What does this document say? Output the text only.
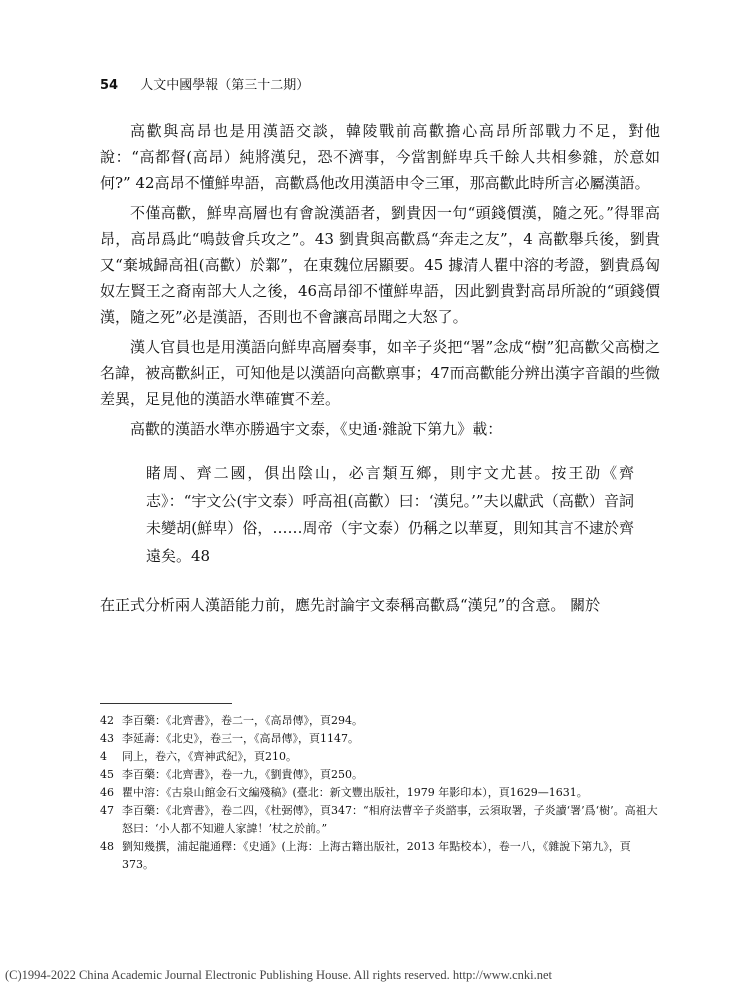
54 人文中國學報（第三十二期）

高歡與高昂也是用漢語交談，韓陵戰前高歡擔心高昂所部戰力不足，對他說：“高都督(高昂）純將漢兒，恐不濟事，今當割鮮卑兵千餘人共相參雜，於意如何?” 42高昂不懂鮮卑語，高歡爲他改用漢語申令三軍，那高歡此時所言必屬漢語。

不僅高歡，鮮卑高層也有會說漢語者，劉貴因一句“頭錢價漢，隨之死。”得罪高昂，高昂爲此“鳴鼓會兵攻之”。43 劉貴與高歡爲“奔走之友”，4 高歡舉兵後，劉貴又“棄城歸高祖(高歡）於鄴”，在東魏位居顯要。45 據清人瞿中溶的考證，劉貴爲匈奴左賢王之裔南部大人之後，46高昂卻不懂鮮卑語，因此劉貴對高昂所說的“頭錢價漢，隨之死”必是漢語，否則也不會讓高昂聞之大怒了。

漢人官員也是用漢語向鮮卑高層奏事，如辛子炎把“署”念成“樹”犯高歡父高樹之名諱，被高歡糾正，可知他是以漢語向高歡禀事；47而高歡能分辨出漢字音韻的些微差異，足見他的漢語水準確實不差。

高歡的漢語水準亦勝過宇文泰，《史通·雜說下第九》載：

睹周、齊二國，俱出陰山，必言類互鄉，則宇文尤甚。按王劭《齊志》：“宇文公(宇文泰）呼高祖(高歡）曰：‘漢兒。’”夫以獻武（高歡）音詞未變胡(鮮卑）俗，……周帝（宇文泰）仍稱之以華夏，則知其言不逮於齊遠矣。48

在正式分析兩人漢語能力前，應先討論宇文泰稱高歡爲“漢兒”的含意。 關於

42 李百藥：《北齊書》，卷二一，《高昂傳》，頁294。
43 李延壽：《北史》，卷三一，《高昂傳》，頁1147。
4	同上，卷六，《齊神武紀》，頁210。
45 李百藥：《北齊書》，卷一九，《劉貴傳》，頁250。
46 瞿中溶：《古泉山館金石文編殘稿》(臺北：新文豐出版社，1979 年影印本），頁1629—1631。
47 李百藥：《北齊書》，卷二四，《杜弼傳》，頁347：“相府法曹辛子炎諮事，云須取署，子炎讀‘署’爲‘樹’。高祖大怒曰：‘小人都不知避人家諱！’杖之於前。”
48 劉知幾撰，浦起龍通釋：《史通》(上海：上海古籍出版社，2013 年點校本），卷一八，《雜說下第九》，頁373。
(C)1994-2022 China Academic Journal Electronic Publishing House. All rights reserved. http://www.cnki.net
